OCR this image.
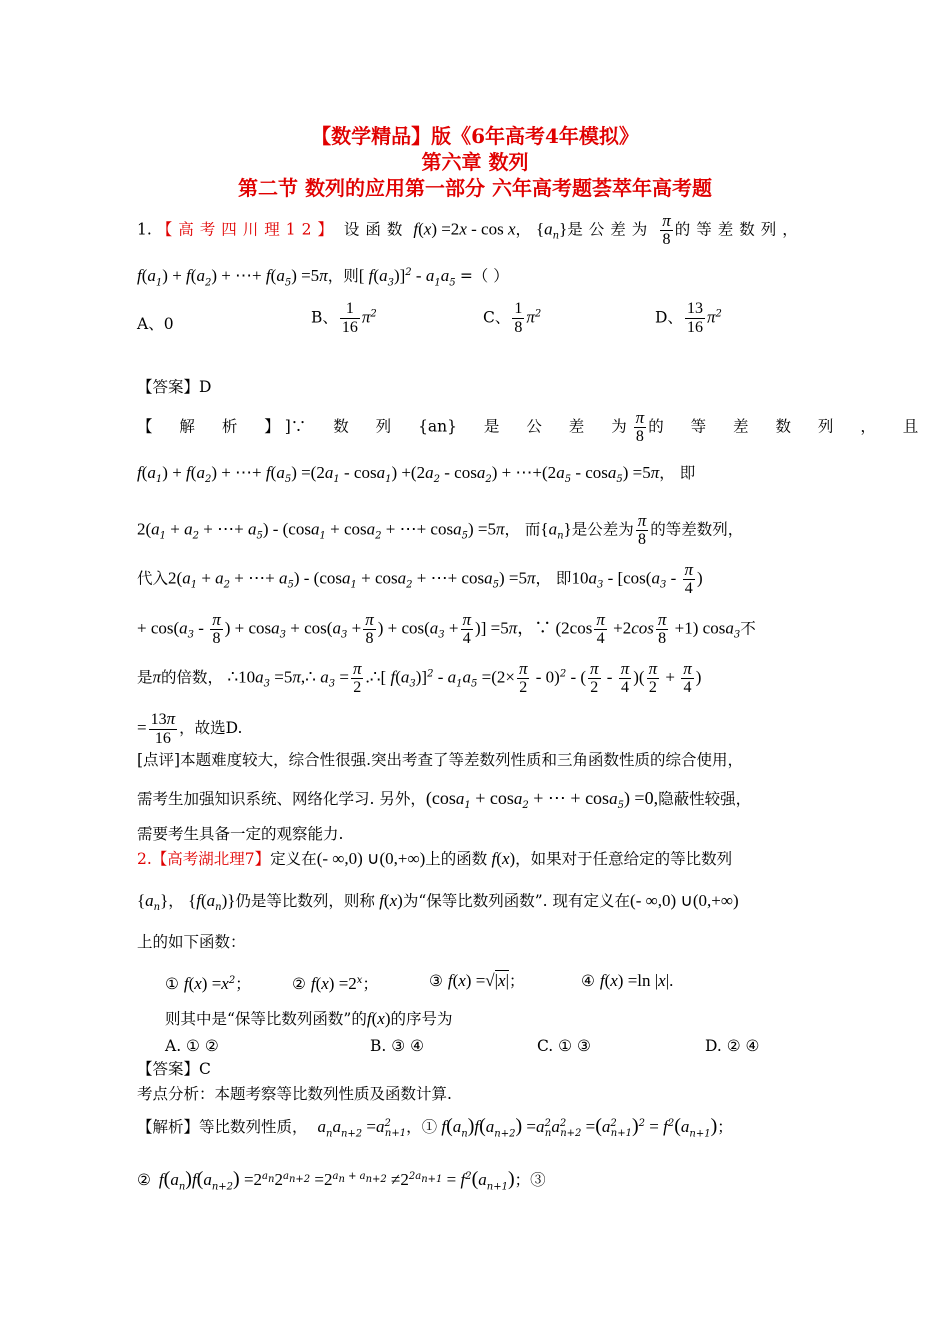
【数学精品】版《6年高考4年模拟》
第六章 数列
第二节 数列的应用第一部分 六年高考题荟萃年高考题
1. 【高考四川理12】 设函数 f(x) =2x - cos x， $\{a_n\}$是公差为 $\frac{\pi}{8}$ 的等差数列，
$f(a_1) + f(a_2)$ + ⋯+ $f(a_5) =5\pi$，则[ $f(a_3)]^2 - a_1a_5$ =（ ）
A、0	B、 $\frac{1}{16} \pi^2$	C、 $\frac{1}{8} \pi^2$	D、 $\frac{13}{16} \pi^2$
【答案】D
【 解 析 】 ]∵ 数 列 {an} 是 公 差 为 $\frac{\pi}{8}$ 的 等 差 数 列 ， 且
$f(a_1) + f(a_2)$ + ⋯+ $f(a_5) =(2a_1 - \cos a_1) +(2a_2 - \cos a_2)$ + $\cdots+(2a_5 - \cos a_5) =5\pi$， 即
$2(a_1 + a_2$ + ⋯+ $a_5) - (\cos a_1 + \cos a_2$ + ⋯+ cosa$_5$) =5π， 而$\{a_n\}$是公差为 $\frac{\pi}{8}$ 的等差数列，
代入$2(a_1 + a_2$ + ⋯+ $a_5) - (\cos a_1 + \cos a_2$ + ⋯+ cosa$_5$) =5π， 即$10a_3 - [\cos(a_3 - \frac{\pi}{4}$ )
+ $\cos(a_3 - \frac{\pi}{8}$ ) + $\cos a_3 + \cos(a_3 + \frac{\pi}{8}$ ) + $\cos(a_3 + \frac{\pi}{4}$ )] =5π，∵ $(2\cos \frac{\pi}{4} +2\cos \frac{\pi}{8} +1)$ cosa$_3$不
是π的倍数， $\therefore 10a_3$ =5π,∴ $a_3 = \frac{\pi}{2}$ .∴[ $f(a_3)]^2 - a_1a_5 =(2\times \frac{\pi}{2} - 0)^2$ - ( $\frac{\pi}{2} - \frac{\pi}{4}$ )( $\frac{\pi}{2} + \frac{\pi}{4}$ )
= $\frac{13\pi}{16}$ ，故选D.
[点评]本题难度较大，综合性很强.突出考查了等差数列性质和三角函数性质的综合使用，
需考生加强知识系统、网络化学习. 另外，(cosa$_1$ + cosa$_2$ + ⋯ + cosa$_5$) =0,隐蔽性较强，
需要考生具备一定的观察能力.
2.【高考湖北理7】定义在(- ∞,0) ∪(0,+∞)上的函数 f(x)，如果对于任意给定的等比数列
$\{a_n\}$， $\{f(a_n)\}$仍是等比数列，则称 f(x)为“保等比数列函数”. 现有定义在(- ∞,0) ∪(0,+∞)
上的如下函数：
① $f(x) =x^2$；	② $f(x) =2^x$；	③ f(x) =√|x|；	④ f(x) =ln |x|.
则其中是“保等比数列函数”的f(x)的序号为
A. ① ②	B. ③ ④	C. ① ③	D. ② ④
【答案】C
考点分析：本题考察等比数列性质及函数计算.
【解析】等比数列性质， $a_na_{n+2} =a^2_{n+1}$，① $f(a_n)f(a_{n+2}) =a^2_na^2_{n+2} =(a^2_{n+1})^2 = f^2(a_{n+1})$；
② $f(a_n)f(a_{n+2}) =2^{a_n}2^{a_{n+2}} =2^{a_n + a_{n+2}} \ne 2^{2a_{n+1}} = f^2(a_{n+1})$；③
